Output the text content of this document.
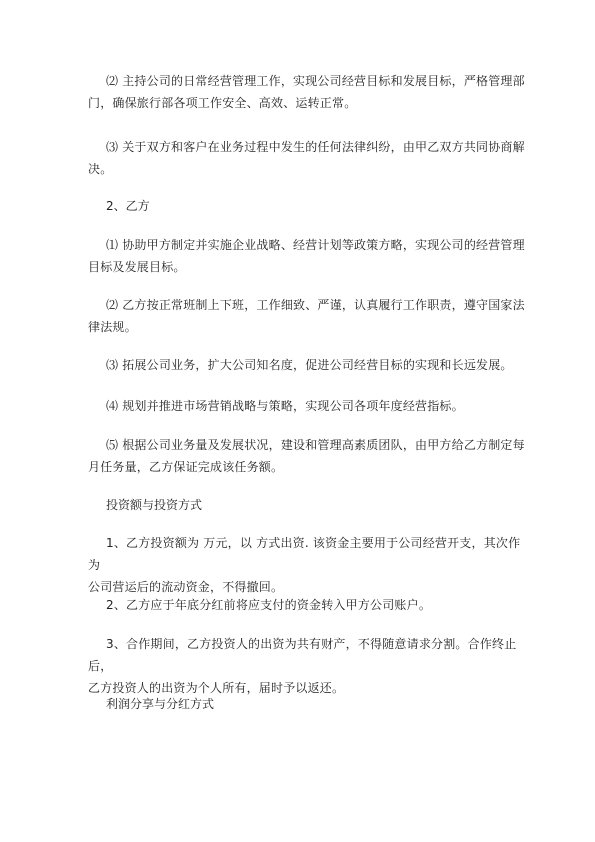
⑵ 主持公司的日常经营管理工作，实现公司经营目标和发展目标，严格管理部
门，确保旅行部各项工作安全、高效、运转正常。

⑶ 关于双方和客户在业务过程中发生的任何法律纠纷，由甲乙双方共同协商解
决。

2、乙方

⑴ 协助甲方制定并实施企业战略、经营计划等政策方略，实现公司的经营管理
目标及发展目标。

⑵ 乙方按正常班制上下班，工作细致、严谨，认真履行工作职责，遵守国家法
律法规。

⑶ 拓展公司业务，扩大公司知名度，促进公司经营目标的实现和长远发展。

⑷ 规划并推进市场营销战略与策略，实现公司各项年度经营指标。

⑸ 根据公司业务量及发展状况，建设和管理高素质团队，由甲方给乙方制定每
月任务量，乙方保证完成该任务额。

投资额与投资方式

1、乙方投资额为 万元，以 方式出资. 该资金主要用于公司经营开支，其次作为
公司营运后的流动资金，不得撤回。

2、乙方应于年底分红前将应支付的资金转入甲方公司账户。

3、合作期间，乙方投资人的出资为共有财产，不得随意请求分割。合作终止后，
乙方投资人的出资为个人所有，届时予以返还。

利润分享与分红方式
